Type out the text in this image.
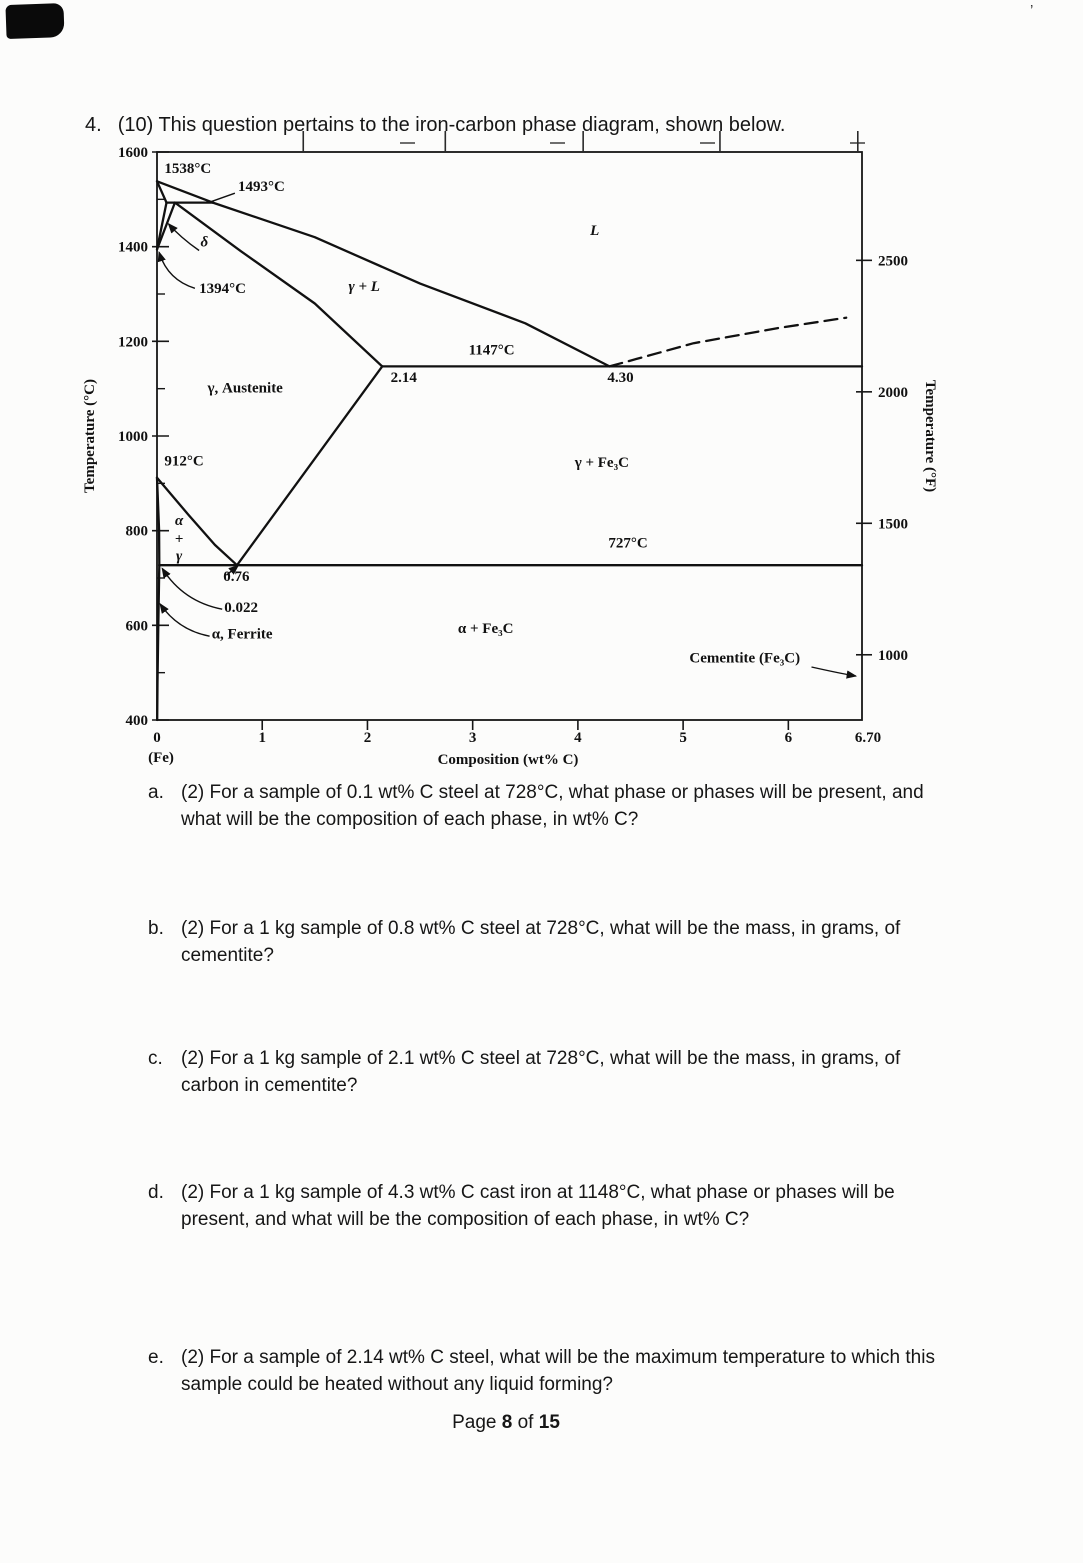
’
4. (10) This question pertains to the iron-carbon phase diagram, shown below.
0	1	2	3	4	5	6	6.70
400
600
800
1000
1200
1400
1600
1000
1500
2000
2500
1538°C
1493°C
δ
1394°C
L
γ + L
1147°C
2.14	4.30
γ, Austenite
912°C	γ + Fe₃C
727°C
α
+
γ
0.76
0.022
α, Ferrite	α + Fe₃C
Cementite (Fe₃C)
Temperature (°C)	Temperature (°F)
Composition (wt% C)
(Fe)
a. (2) For a sample of 0.1 wt% C steel at 728°C, what phase or phases will be present, and what will be the composition of each phase, in wt% C?
b. (2) For a 1 kg sample of 0.8 wt% C steel at 728°C, what will be the mass, in grams, of cementite?
c. (2) For a 1 kg sample of 2.1 wt% C steel at 728°C, what will be the mass, in grams, of carbon in cementite?
d. (2) For a 1 kg sample of 4.3 wt% C cast iron at 1148°C, what phase or phases will be present, and what will be the composition of each phase, in wt% C?
e. (2) For a sample of 2.14 wt% C steel, what will be the maximum temperature to which this sample could be heated without any liquid forming?
Page 8 of 15
